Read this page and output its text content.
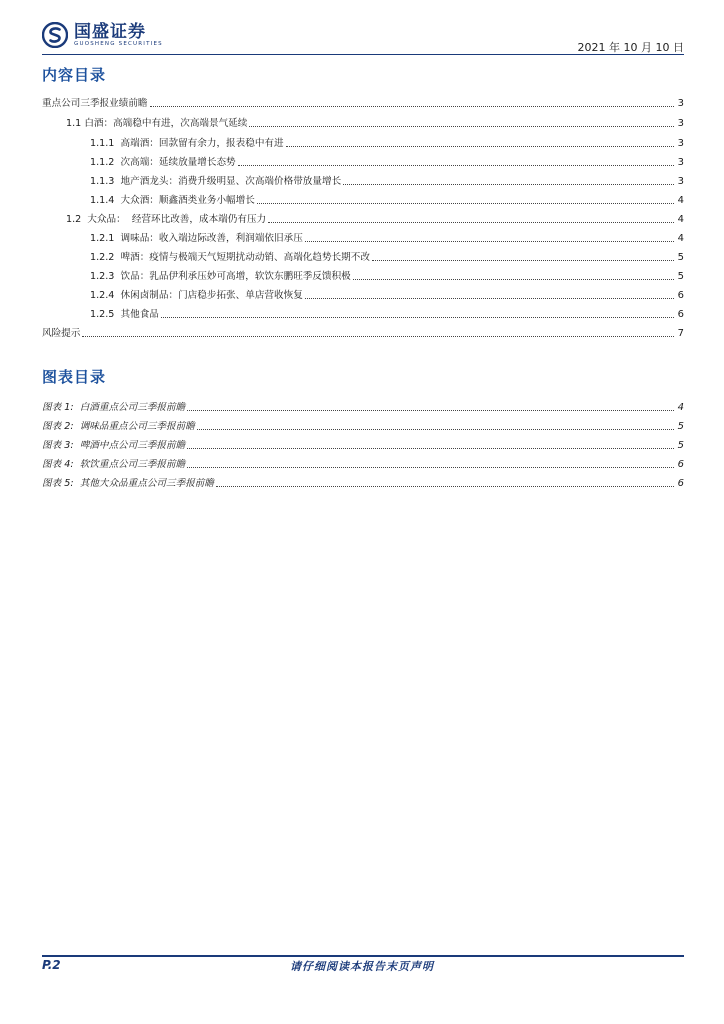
国盛证券
GUOSHENG SECURITIES	2021 年 10 月 10 日
内容目录
重点公司三季报业绩前瞻	3
1.1 白酒：高端稳中有进，次高端景气延续	3
1.1.1 高端酒：回款留有余力，报表稳中有进	3
1.1.2 次高端：延续放量增长态势	3
1.1.3 地产酒龙头：消费升级明显、次高端价格带放量增长	3
1.1.4 大众酒：顺鑫酒类业务小幅增长	4
1.2 大众品：  经营环比改善，成本端仍有压力	4
1.2.1 调味品：收入端边际改善，利润端依旧承压	4
1.2.2 啤酒：疫情与极端天气短期扰动动销、高端化趋势长期不改	5
1.2.3 饮品：乳品伊利承压妙可高增，软饮东鹏旺季反馈积极	5
1.2.4 休闲卤制品：门店稳步拓张、单店营收恢复	6
1.2.5 其他食品	6
风险提示	7
图表目录
图表 1: 白酒重点公司三季报前瞻	4
图表 2: 调味品重点公司三季报前瞻	5
图表 3: 啤酒中点公司三季报前瞻	5
图表 4: 软饮重点公司三季报前瞻	6
图表 5: 其他大众品重点公司三季报前瞻	6
P.2	请仔细阅读本报告末页声明
